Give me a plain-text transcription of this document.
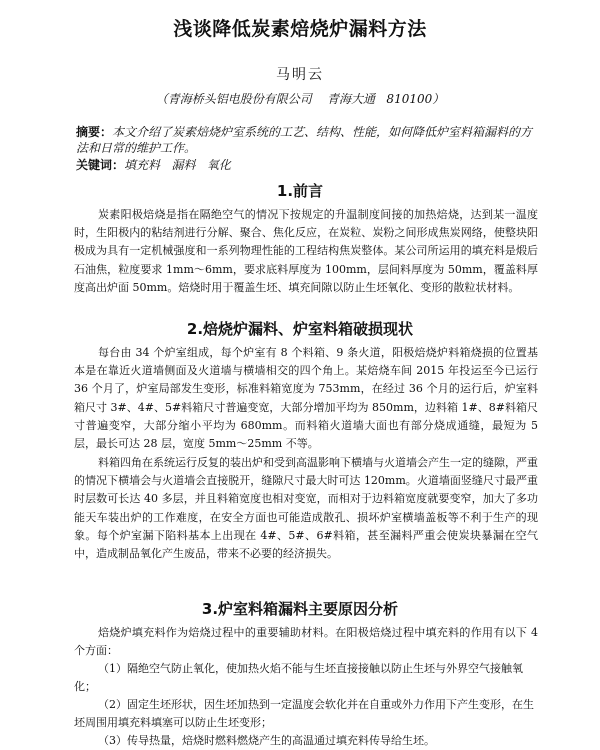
浅谈降低炭素焙烧炉漏料方法
马明云
（青海桥头铝电股份有限公司    青海大通   810100）
摘要：本文介绍了炭素焙烧炉室系统的工艺、结构、性能，如何降低炉室料箱漏料的方法和日常的维护工作。
关键词：填充料   漏料   氧化
1.前言

炭素阳极焙烧是指在隔绝空气的情况下按规定的升温制度间接的加热焙烧，达到某一温度时，生阳极内的粘结剂进行分解、聚合、焦化反应，在炭粒、炭粉之间形成焦炭网络，使整块阳极成为具有一定机械强度和一系列物理性能的工程结构焦炭整体。某公司所运用的填充料是煅后石油焦，粒度要求 1mm～6mm，要求底料厚度为 100mm，层间料厚度为 50mm，覆盖料厚度高出炉面 50mm。焙烧时用于覆盖生坯、填充间隙以防止生坯氧化、变形的散粒状材料。

2.焙烧炉漏料、炉室料箱破损现状

每台由 34 个炉室组成，每个炉室有 8 个料箱、9 条火道，阳极焙烧炉料箱烧损的位置基本是在靠近火道墙侧面及火道墙与横墙相交的四个角上。某焙烧车间 2015 年投运至今已运行 36 个月了，炉室局部发生变形，标准料箱宽度为 753mm，在经过 36 个月的运行后，炉室料箱尺寸 3#、4#、5#料箱尺寸普遍变宽，大部分增加平均为 850mm，边料箱 1#、8#料箱尺寸普遍变窄，大部分缩小平均为 680mm。而料箱火道墙大面也有部分烧成通缝，最短为 5 层，最长可达 28 层，宽度 5mm～25mm 不等。

料箱四角在系统运行反复的装出炉和受到高温影响下横墙与火道墙会产生一定的缝隙，严重的情况下横墙会与火道墙会直接脱开，缝隙尺寸最大时可达 120mm。火道墙面竖缝尺寸最严重时层数可长达 40 多层，并且料箱宽度也相对变宽，而相对于边料箱宽度就要变窄，加大了多功能天车装出炉的工作难度，在安全方面也可能造成散孔、损坏炉室横墙盖板等不利于生产的现象。每个炉室漏下陷料基本上出现在 4#、5#、6#料箱，甚至漏料严重会使炭块暴漏在空气中，造成制品氧化产生废品，带来不必要的经济损失。

3.炉室料箱漏料主要原因分析

焙烧炉填充料作为焙烧过程中的重要辅助材料。在阳极焙烧过程中填充料的作用有以下 4 个方面：

（1）隔绝空气防止氧化，使加热火焰不能与生坯直接接触以防止生坯与外界空气接触氧化；

（2）固定生坯形状，因生坯加热到一定温度会软化并在自重或外力作用下产生变形，在生坯周围用填充料填塞可以防止生坯变形；

（3）传导热量，焙烧时燃料燃烧产生的高温通过填充料传导给生坯。
